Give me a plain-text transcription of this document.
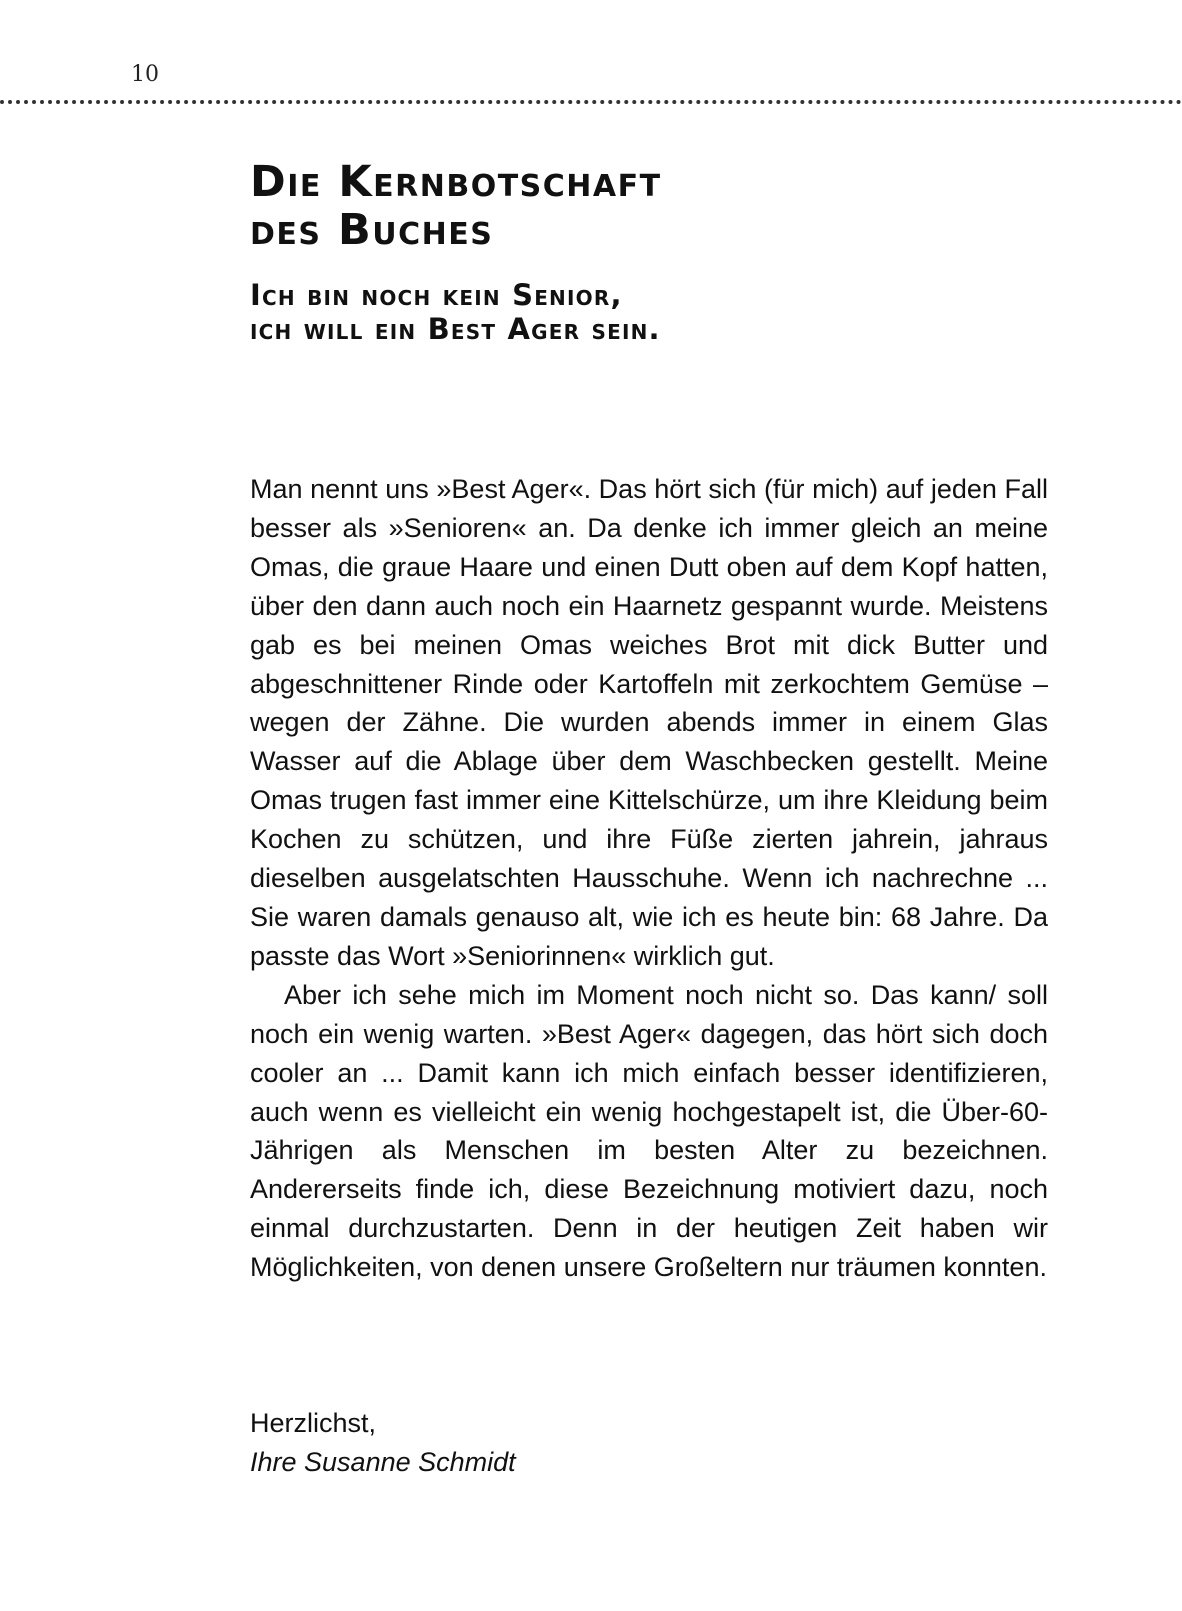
10
Die Kernbotschaft
des Buches
Ich bin noch kein Senior,
ich will ein Best Ager sein.

Man nennt uns »Best Ager«. Das hört sich (für mich) auf jeden Fall besser als »Senioren« an. Da denke ich immer gleich an meine Omas, die graue Haare und einen Dutt oben auf dem Kopf hatten, über den dann auch noch ein Haarnetz gespannt wurde. Meistens gab es bei meinen Omas weiches Brot mit dick Butter und abgeschnittener Rinde oder Kartoffeln mit zerkochtem Gemüse – wegen der Zähne. Die wurden abends immer in einem Glas Wasser auf die Ablage über dem Waschbecken gestellt. Meine Omas trugen fast immer eine Kittelschürze, um ihre Kleidung beim Kochen zu schützen, und ihre Füße zierten jahrein, jahraus dieselben ausgelatschten Hausschuhe. Wenn ich nachrechne ... Sie waren damals genauso alt, wie ich es heute bin: 68 Jahre. Da passte das Wort »Seniorinnen« wirklich gut.

Aber ich sehe mich im Moment noch nicht so. Das kann/ soll noch ein wenig warten. »Best Ager« dagegen, das hört sich doch cooler an ... Damit kann ich mich einfach besser identifizieren, auch wenn es vielleicht ein wenig hochgestapelt ist, die Über-60-Jährigen als Menschen im besten Alter zu bezeichnen. Andererseits finde ich, diese Bezeichnung motiviert dazu, noch einmal durchzustarten. Denn in der heutigen Zeit haben wir Möglichkeiten, von denen unsere Großeltern nur träumen konnten.

Herzlichst,
Ihre Susanne Schmidt
